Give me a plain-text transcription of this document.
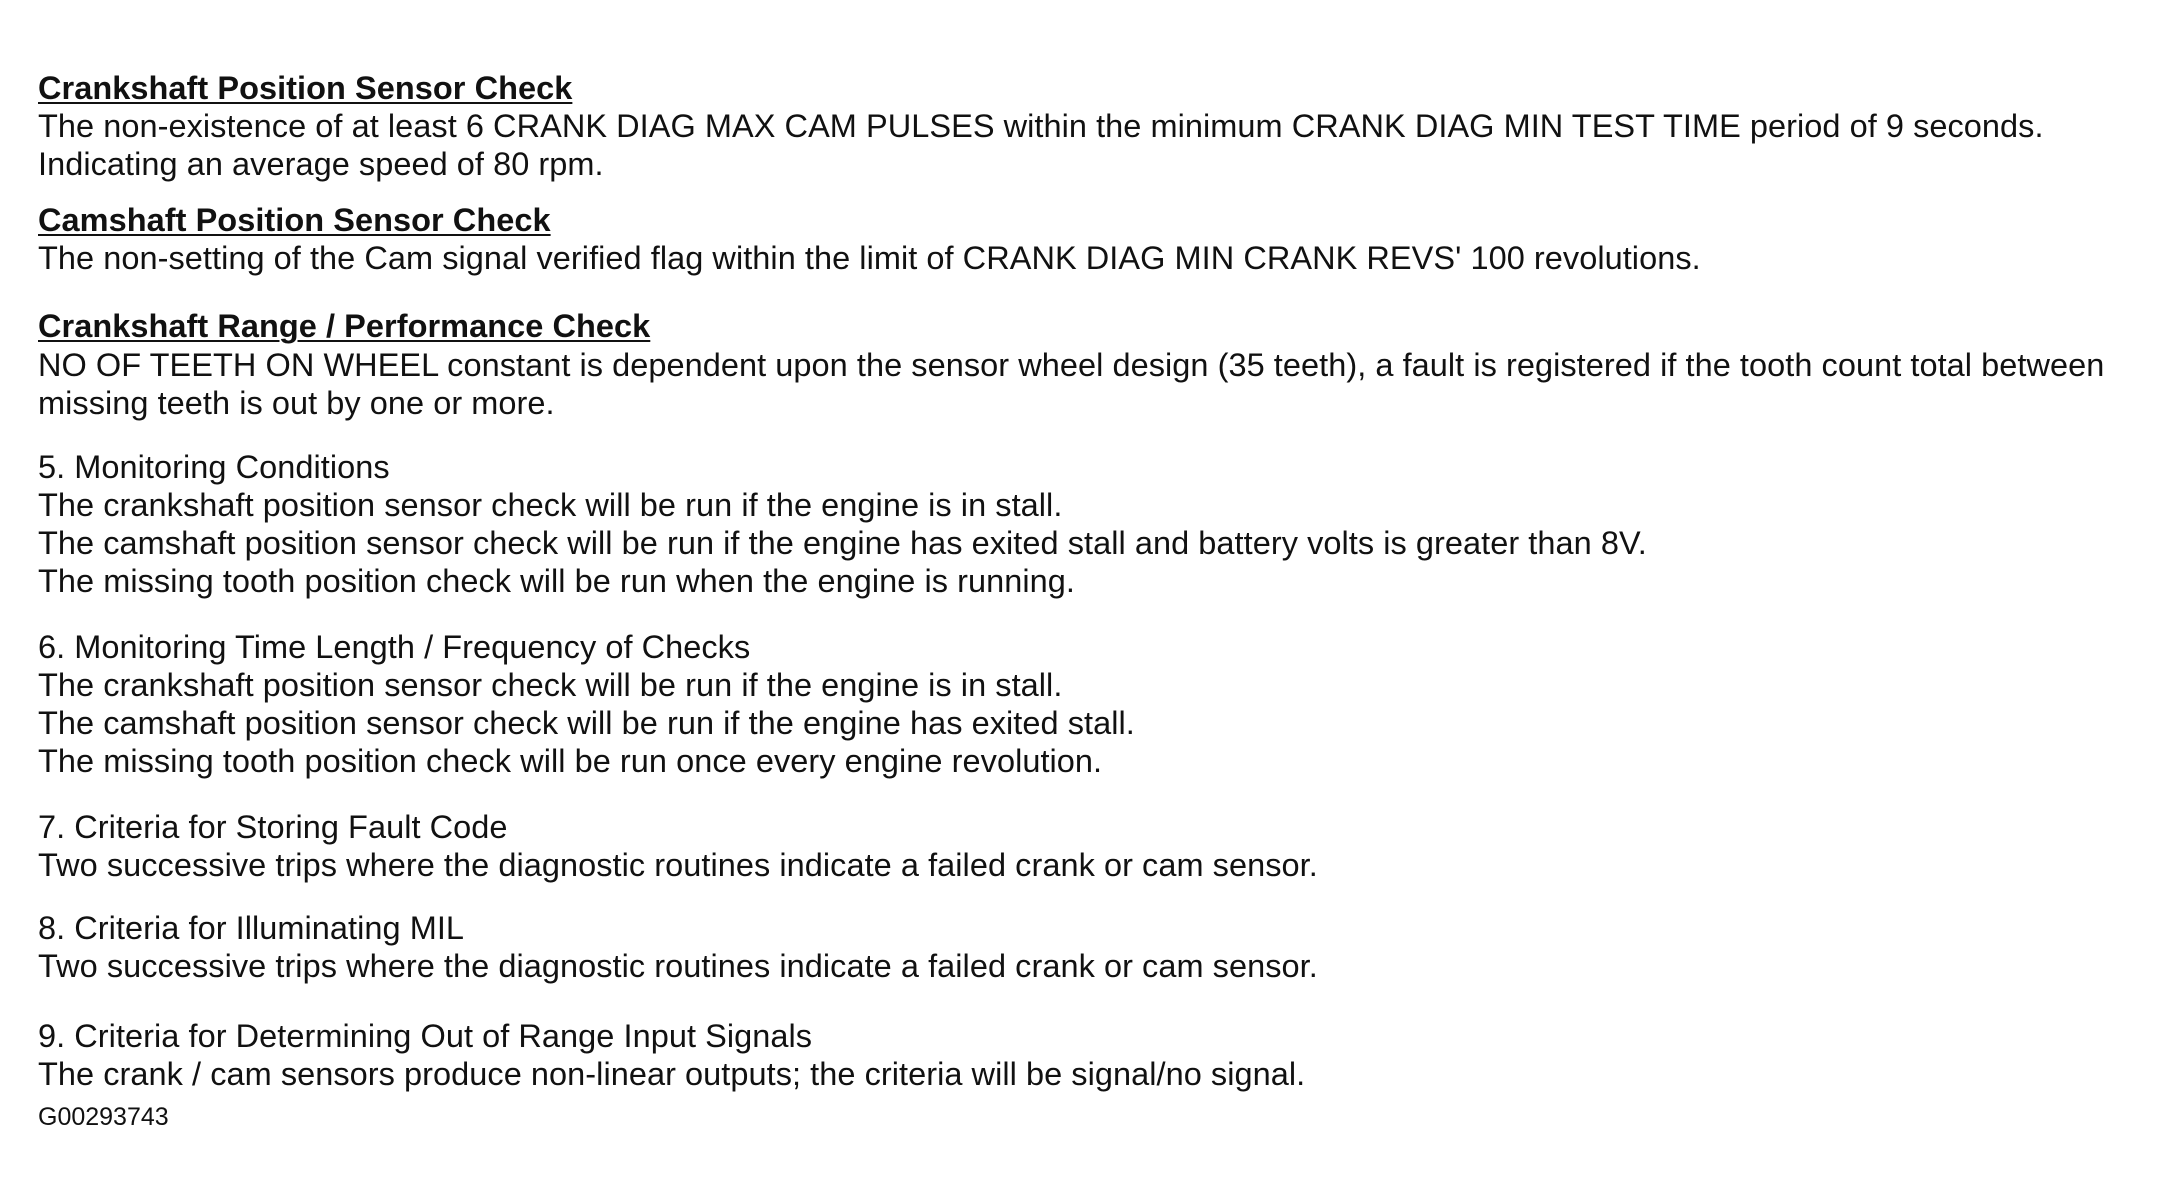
Crankshaft Position Sensor Check
The non-existence of at least 6 CRANK DIAG MAX CAM PULSES within the minimum CRANK DIAG MIN TEST TIME period of 9 seconds.
Indicating an average speed of 80 rpm.
Camshaft Position Sensor Check
The non-setting of the Cam signal verified flag within the limit of CRANK DIAG MIN CRANK REVS' 100 revolutions.
Crankshaft Range / Performance Check
NO OF TEETH ON WHEEL constant is dependent upon the sensor wheel design (35 teeth), a fault is registered if the tooth count total between
missing teeth is out by one or more.
5. Monitoring Conditions
The crankshaft position sensor check will be run if the engine is in stall.
The camshaft position sensor check will be run if the engine has exited stall and battery volts is greater than 8V.
The missing tooth position check will be run when the engine is running.
6. Monitoring Time Length / Frequency of Checks
The crankshaft position sensor check will be run if the engine is in stall.
The camshaft position sensor check will be run if the engine has exited stall.
The missing tooth position check will be run once every engine revolution.
7. Criteria for Storing Fault Code
Two successive trips where the diagnostic routines indicate a failed crank or cam sensor.
8. Criteria for Illuminating MIL
Two successive trips where the diagnostic routines indicate a failed crank or cam sensor.
9. Criteria for Determining Out of Range Input Signals
The crank / cam sensors produce non-linear outputs; the criteria will be signal/no signal.
G00293743
